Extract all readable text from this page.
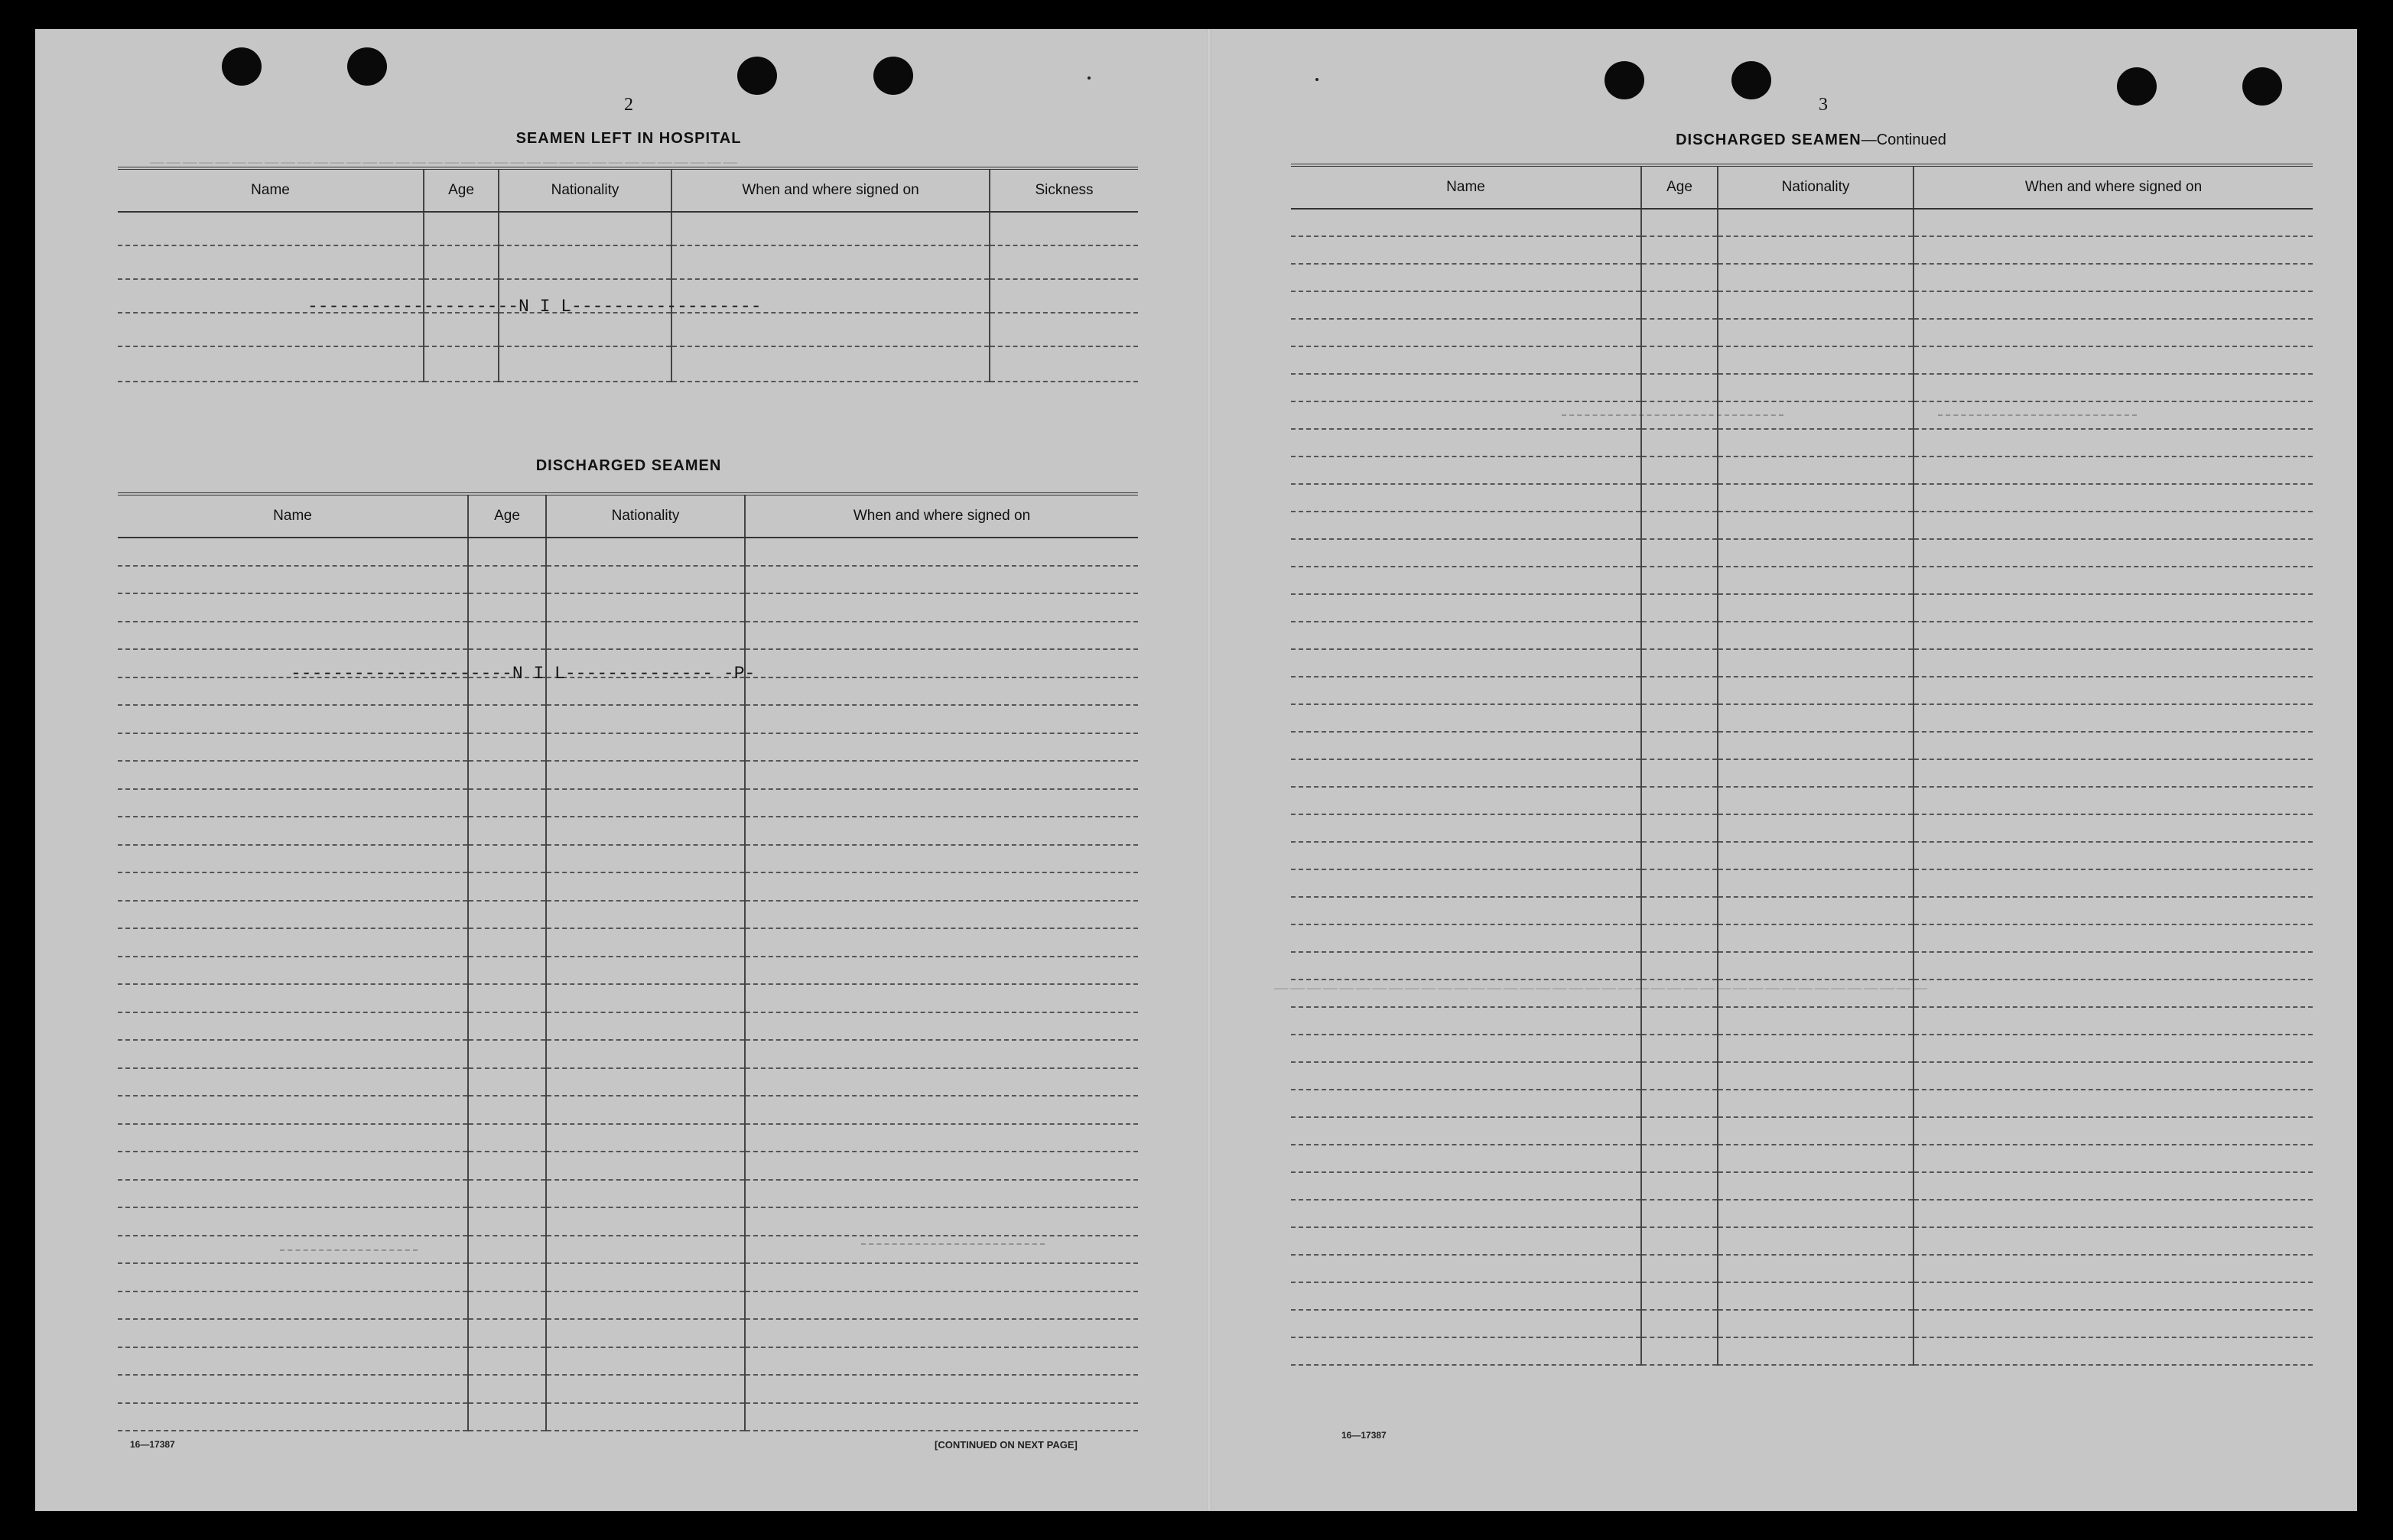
────────────────────────────────────
────────────────────────────────────────
2
SEAMEN LEFT IN HOSPITAL
Name	Age	Nationality	When and where signed on	Sickness

--------------------N I L------------------
DISCHARGED SEAMEN
Name	Age	Nationality	When and where signed on

---------------------N I L-------------- -P-
16—17387	[CONTINUED ON NEXT PAGE]
3
DISCHARGED SEAMEN—Continued
Name	Age	Nationality	When and where signed on

16—17387
